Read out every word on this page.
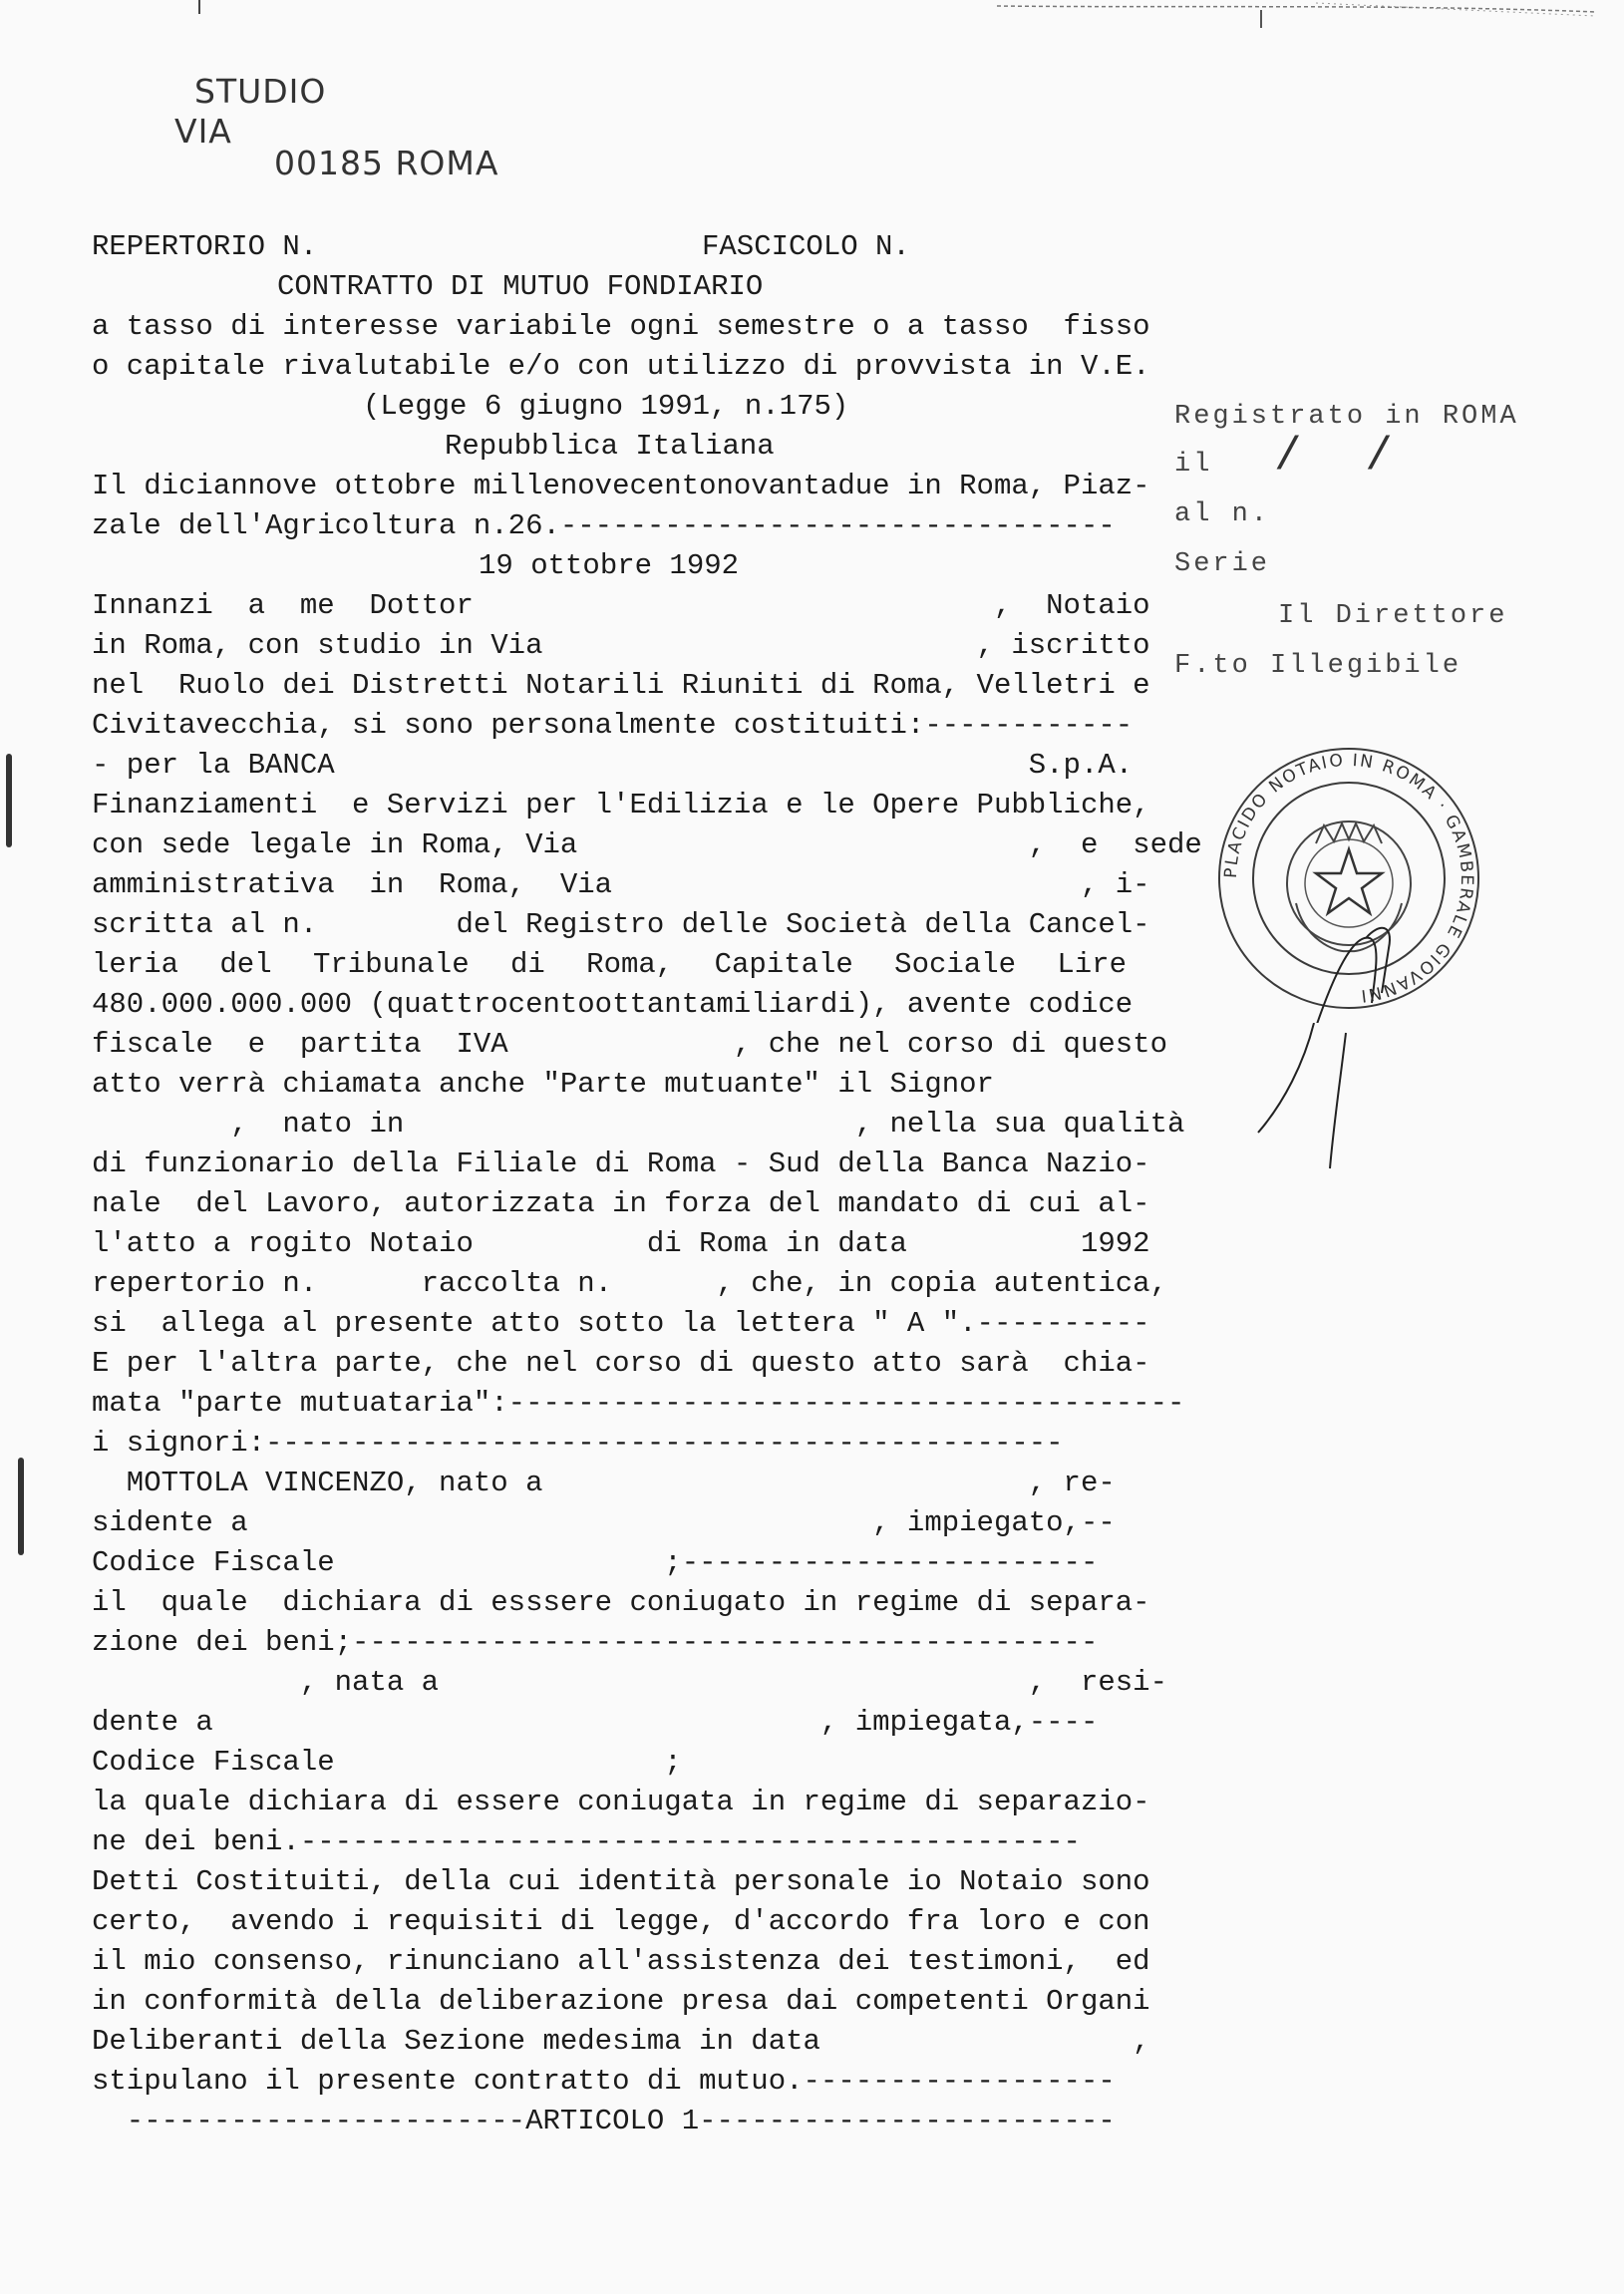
STUDIO
VIA
00185 ROMA
REPERTORIO N.	FASCICOLO N.
CONTRATTO DI MUTUO FONDIARIO
a tasso di interesse variabile ogni semestre o a tasso  fisso
o capitale rivalutabile e/o con utilizzo di provvista in V.E.
(Legge 6 giugno 1991, n.175)
Repubblica Italiana
Il diciannove ottobre millenovecentonovantadue in Roma, Piaz-
zale dell'Agricoltura n.26.--------------------------------
19 ottobre 1992
Innanzi  a  me  Dottor                              ,  Notaio
in Roma, con studio in Via                         , iscritto
nel  Ruolo dei Distretti Notarili Riuniti di Roma, Velletri e
Civitavecchia, si sono personalmente costituiti:------------
- per la BANCA                                        S.p.A.
Finanziamenti  e Servizi per l'Edilizia e le Opere Pubbliche,
con sede legale in Roma, Via                          ,  e  sede
amministrativa  in  Roma,  Via                           , i-
scritta al n.        del Registro delle Società della Cancel-
leria  del  Tribunale  di  Roma,  Capitale  Sociale  Lire
480.000.000.000 (quattrocentoottantamiliardi), avente codice
fiscale  e  partita  IVA             , che nel corso di questo
atto verrà chiamata anche "Parte mutuante" il Signor
,  nato in                          , nella sua qualità
di funzionario della Filiale di Roma - Sud della Banca Nazio-
nale  del Lavoro, autorizzata in forza del mandato di cui al-
l'atto a rogito Notaio          di Roma in data          1992
repertorio n.      raccolta n.      , che, in copia autentica,
si  allega al presente atto sotto la lettera " A ".----------
E per l'altra parte, che nel corso di questo atto sarà  chia-
mata "parte mutuataria":---------------------------------------
i signori:----------------------------------------------
MOTTOLA VINCENZO, nato a                            , re-
sidente a                                    , impiegato,--
Codice Fiscale                   ;------------------------
il  quale  dichiara di esssere coniugato in regime di separa-
zione dei beni;-------------------------------------------
, nata a                                  ,  resi-
dente a                                   , impiegata,----
Codice Fiscale                   ;
la quale dichiara di essere coniugata in regime di separazio-
ne dei beni.---------------------------------------------
Detti Costituiti, della cui identità personale io Notaio sono
certo,  avendo i requisiti di legge, d'accordo fra loro e con
il mio consenso, rinunciano all'assistenza dei testimoni,  ed
in conformità della deliberazione presa dai competenti Organi
Deliberanti della Sezione medesima in data                  ,
stipulano il presente contratto di mutuo.------------------
-----------------------ARTICOLO 1------------------------
Registrato in ROMA
il / /
al n.
Serie
Il Direttore
F.to Illegibile
PLACIDO NOTAIO IN ROMA · GAMBERALE GIOVANNI
